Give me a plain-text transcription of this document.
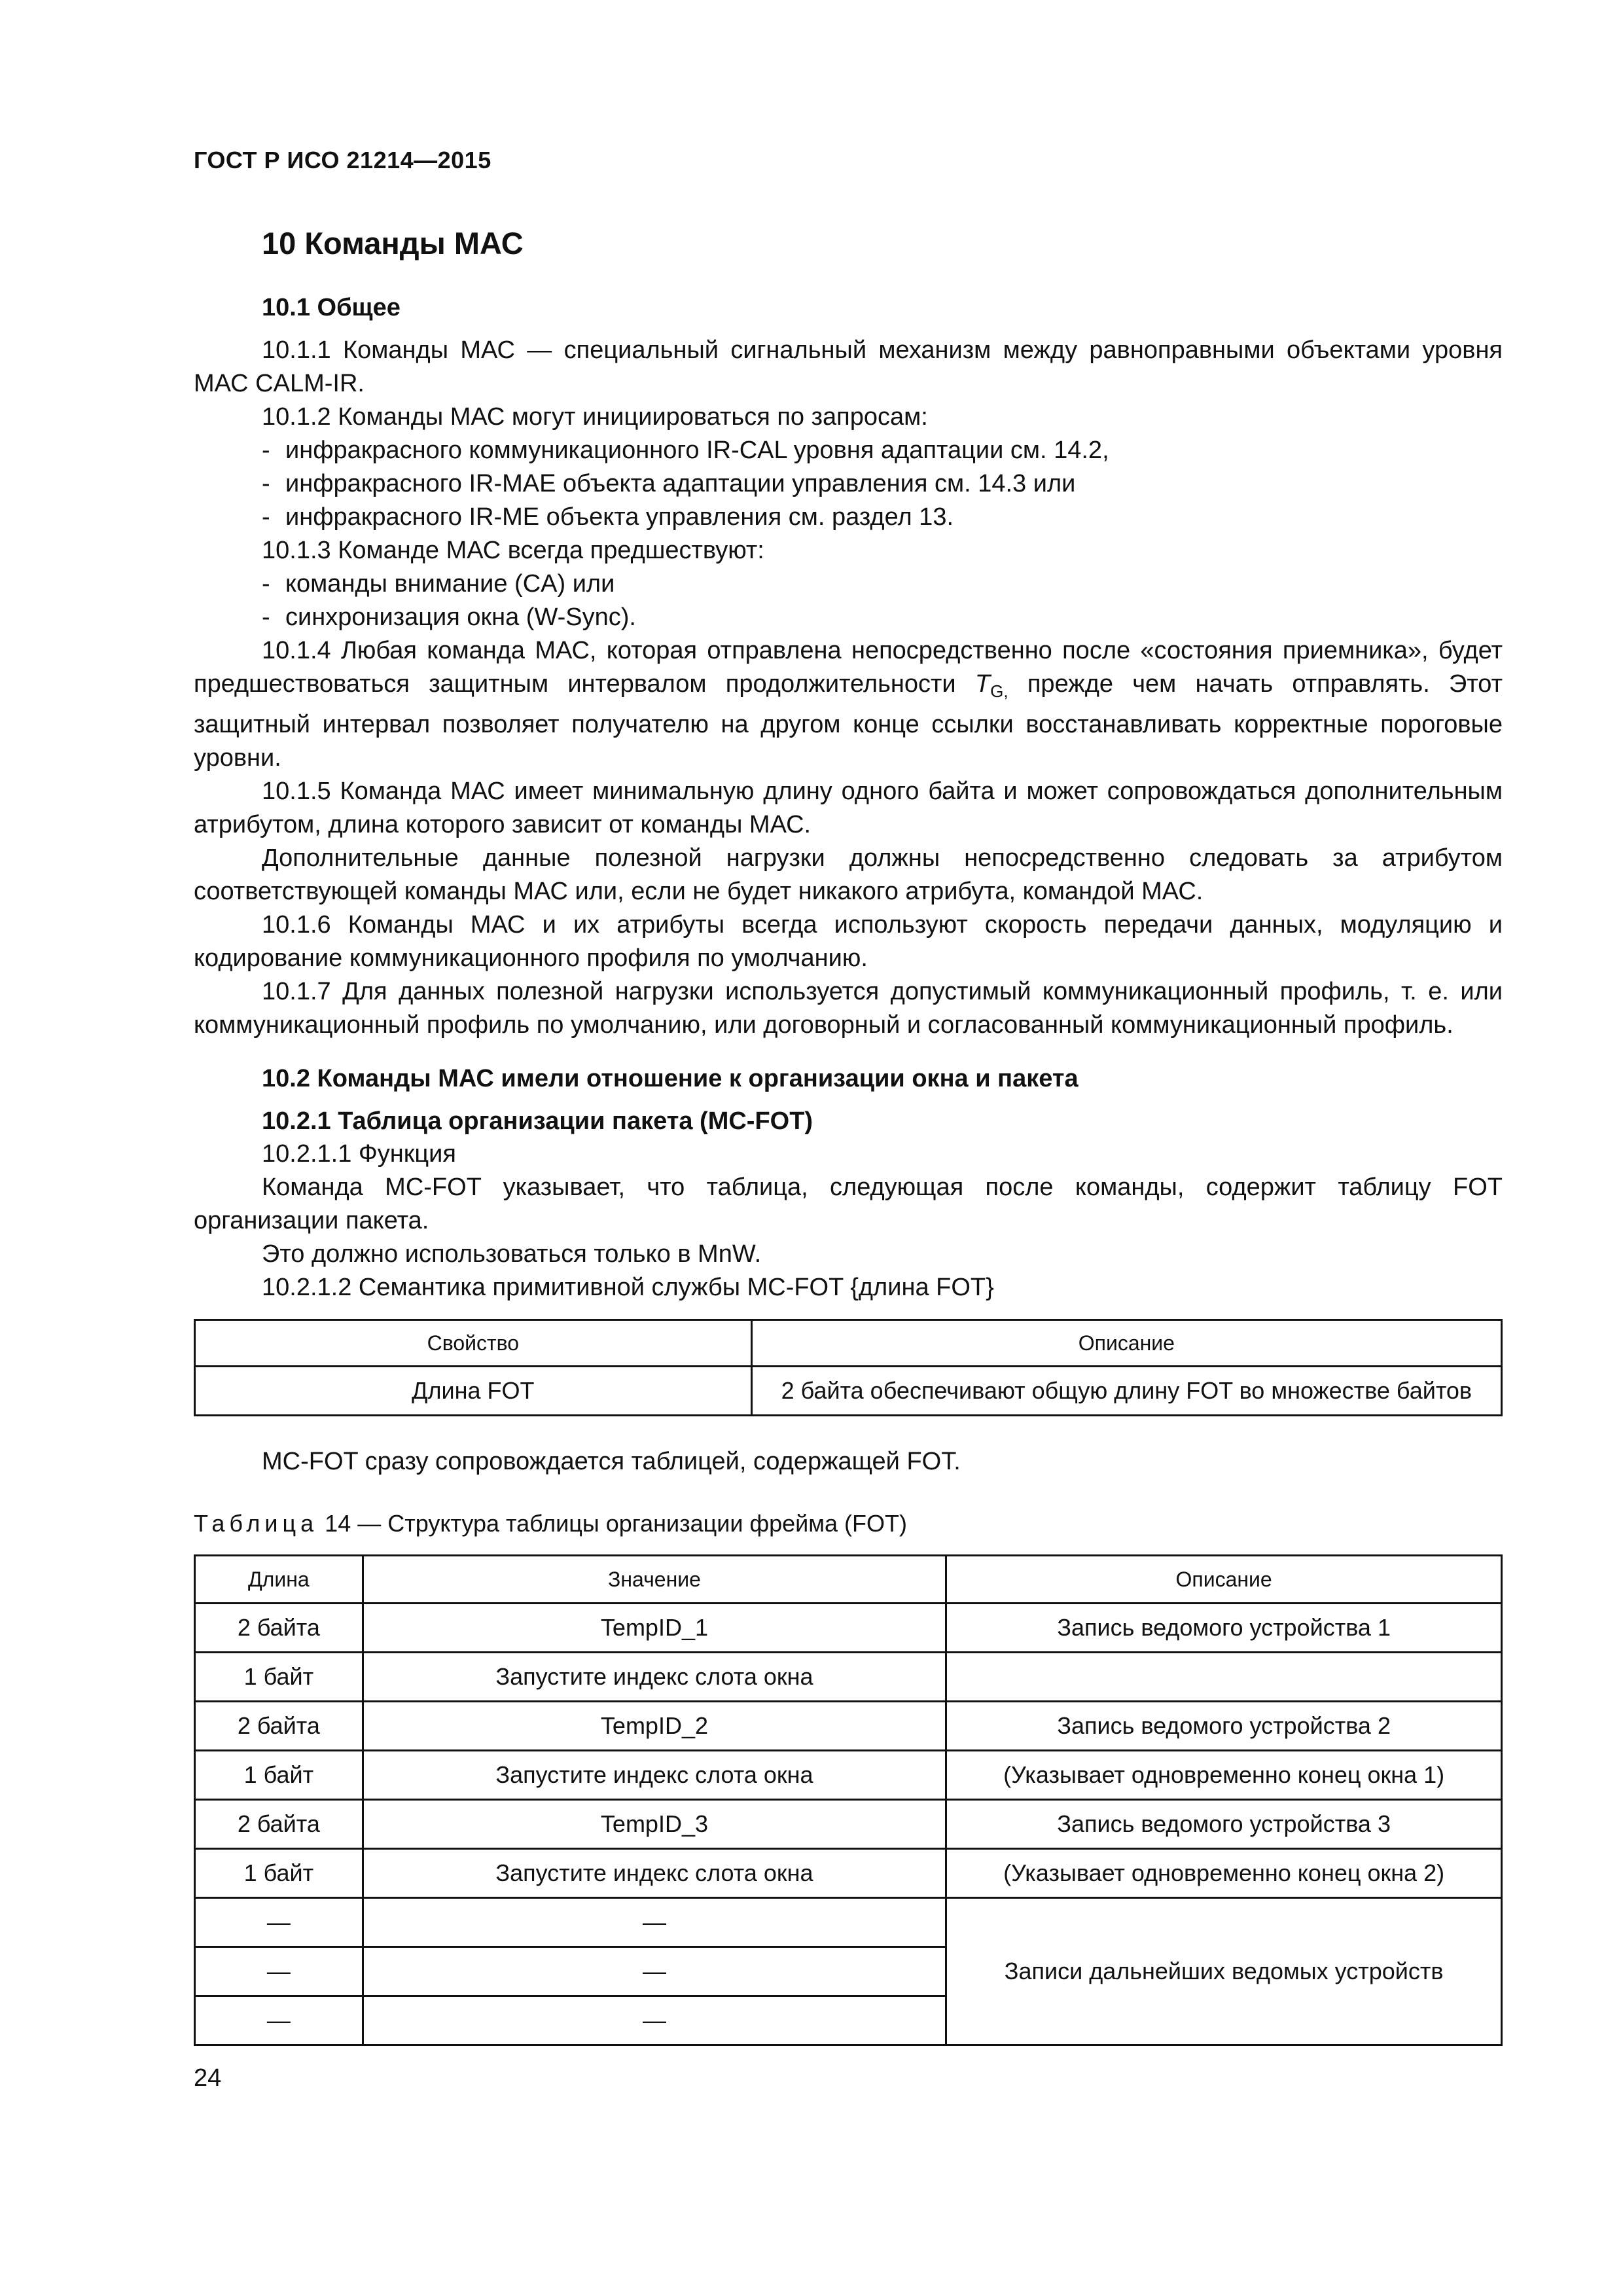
ГОСТ Р ИСО 21214—2015
10 Команды МАС
10.1 Общее

10.1.1 Команды МАС — специальный сигнальный механизм между равноправными объектами уровня МАС CALM-IR.

10.1.2 Команды МАС могут инициироваться по запросам:

- инфракрасного коммуникационного IR-CAL уровня адаптации см. 14.2,

- инфракрасного IR-MAE объекта адаптации управления см. 14.3 или

- инфракрасного IR-ME объекта управления см. раздел 13.

10.1.3 Команде МАС всегда предшествуют:

- команды внимание (CA) или

- синхронизация окна (W-Sync).

10.1.4 Любая команда МАС, которая отправлена непосредственно после «состояния приемника», будет предшествоваться защитным интервалом продолжительности $T_{G,}$ прежде чем начать отправлять. Этот защитный интервал позволяет получателю на другом конце ссылки восстанавливать корректные пороговые уровни.

10.1.5 Команда МАС имеет минимальную длину одного байта и может сопровождаться дополнительным атрибутом, длина которого зависит от команды МАС.

Дополнительные данные полезной нагрузки должны непосредственно следовать за атрибутом соответствующей команды МАС или, если не будет никакого атрибута, командой МАС.

10.1.6 Команды МАС и их атрибуты всегда используют скорость передачи данных, модуляцию и кодирование коммуникационного профиля по умолчанию.

10.1.7 Для данных полезной нагрузки используется допустимый коммуникационный профиль, т. е. или коммуникационный профиль по умолчанию, или договорный и согласованный коммуникационный профиль.

10.2 Команды МАС имели отношение к организации окна и пакета
10.2.1 Таблица организации пакета (MC-FOT)

10.2.1.1 Функция

Команда MC-FOT указывает, что таблица, следующая после команды, содержит таблицу FOT организации пакета.

Это должно использоваться только в MnW.

10.2.1.2 Семантика примитивной службы MC-FOT {длина FOT}

Свойство	Описание
Длина FOT	2 байта обеспечивают общую длину FOT во множестве байтов

MC-FOT сразу сопровождается таблицей, содержащей FOT.

Таблица 14 — Структура таблицы организации фрейма (FOT)

Длина	Значение	Описание
2 байта	TempID_1	Запись ведомого устройства 1
1 байт	Запустите индекс слота окна	
2 байта	TempID_2	Запись ведомого устройства 2
1 байт	Запустите индекс слота окна	(Указывает одновременно конец окна 1)
2 байта	TempID_3	Запись ведомого устройства 3
1 байт	Запустите индекс слота окна	(Указывает одновременно конец окна 2)
—	—	Записи дальнейших ведомых устройств
—	—	
—	—	
24
